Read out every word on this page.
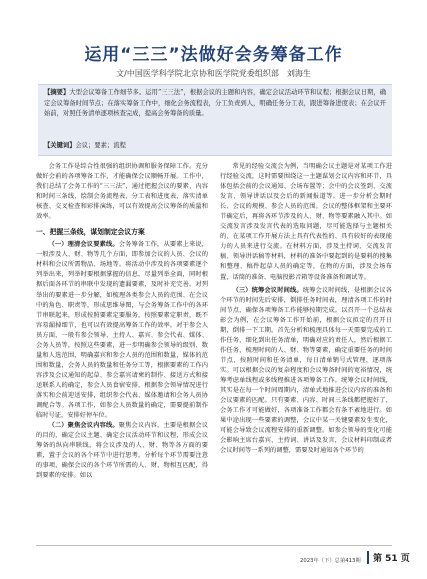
运用“三三”法做好会务筹备工作
文/中国医学科学院北京协和医学院党委组织部　刘海生
【摘要】大型会议筹备工作细节多。运用“三三法”，根据会议的主题和内容，确定会议活动环节和议程；根据会议日期，确定会议筹备时间节点；在落实筹备工作中，细化会务流程表，分工负责到人，明确任务分工表，跟进筹备进度表；在会议开始前，对照任务清单逐项核查完成，提高会务筹备的质量。
【关键词】会议；要素；流程

会务工作是综合性很强的组织协调和服务保障工作。充分做好会前的各项筹备工作，才能确保会议顺畅开展。工作中，我们总结了会务工作的“三三法”，通过把握会议的要素、内容和时间三条线，绘制会务流程表、分工表和进度表，落实清单核查、交叉检查和彩排演练，可以有效提高会议筹备的质量和效率。

一、把握三条线，谋划制定会议方案

（一）理清会议要素线。会务筹备工作，从要素上来说，一般涉及人、财、物等几个方面，即参加会议的人员、会议的材料和会议所需物品、场地等。将活动中涉及的各项要素逐个列举出来，列举时要根据掌握的信息，尽量列举全面，同时根据后面各环节的串联中发现的遗漏要素，及时补充完善。对列举出的要素进一步分解，如梳理各类参会人员的范围、在会议中的角色、职责等，形成思维导图，与会务筹备工作中的各环节串联起来，形成按照要素定要服务，按照要素定职责，既不容易漏掉细节，也可以有效提高筹备工作的效率。对于参会人员方面，一般有参会领导、主持人、嘉宾、参会代表、媒体、会务人员等，按照这些要素，进一步明确参会领导的级别、数量和人选范围，明确嘉宾和参会人员的范围和数量，媒体的范围和数量，会务人员的数量和任务分工等，根据要素的工作内容涉及会议通知的起草、参会嘉宾请柬的制作、接送方式和接送联系人的确定，参会人员食宿安排，根据参会领导情况进行落实和会前迎送安排，组织参会代表、媒体邀请和会务人员协调配合等。各项工作，如参会人员数量的确定，需要提前制作临时号证，安排好停车位。

（二）聚焦会议内容线。聚焦会议内容，主要是根据会议的目的，确定会议主题、确定会议活动环节和议程，形成会议筹备的纵向串联线，将会议涉及的人、财、物等各方面的要素，置于会议的各个环节中进行思考，分析每个环节需要注意的事项，确保会议的各个环节所需的人、财、物相互匹配，得到要素的安排。如以

常见的经验交流会为例，当明确会议主题是对某项工作进行经验交流，这时需要围绕这一主题谋划会议内容和环节，具体包括会前的会议通知、会场布置等；会中的会议签到、交流发言、领导讲话以及会后的新闻报道等。进一步分析会期时长、会议的规模、参会人员的范围。会议的整体框架和主要环节确定后，再将各环节涉及的人、财、物等要素融入其中。如交流发言涉及发言代表的选取问题，尽可能选择与主题相关的、在某项工作开展方法上具有代表性的、具有较好的表现能力的人员来进行交流。在材料方面，涉及主持词、交流发言稿、领导讲话稿等材料，材料的准备中要起到的是要料的搜集和整理、稿件起草人员的确定等，在物的方面，涉及会场布置，话筒的准备、电脑投影音箱等设备准备和调试等。

（三）统筹会议时间线。统筹会议时间线，是根据会议各个环节的时间先后安排，倒排任务时间表，理清各项工作的时间节点，确保各项筹备工作能够按期完成。以召开一个总结表彰会为例，在会议筹备工作开始前，根据会议拟定的召开日期，倒排一下工期。首先分析和梳理具体每一天需要完成的工作任务，细化到出任务清单，明确对应的责任人，然后根据工作任务，梳理时间的人、财、物等要素，确定重要任务的时间节点，按照时间和任务清单，每日清单销号式管理，逐项落实。可以根据会议的复杂程度和会议筹备时间的宽裕情况，统筹考虑单线程或多线程推进各项筹备工作。统筹会议时间线，其实是在每一个时间周期内，清单式地推进会议内容的准备和会议要素的匹配。只有要素、内容、时间三条线都把握好了，会务工作才可能做好，各项准备工作都会有条不紊地进行。如果中途出现一些要素的调整，会议中某一关键要素发生变化，可能会导致会议流程安排的重新调整。如参会领导的变化可能会影响主席台嘉宾、主持词、讲话及发言，会议材料印制或者会议时间等一系列的调整，需要及时通知各个环节的

2023年（下）总第413期 第 51 页
